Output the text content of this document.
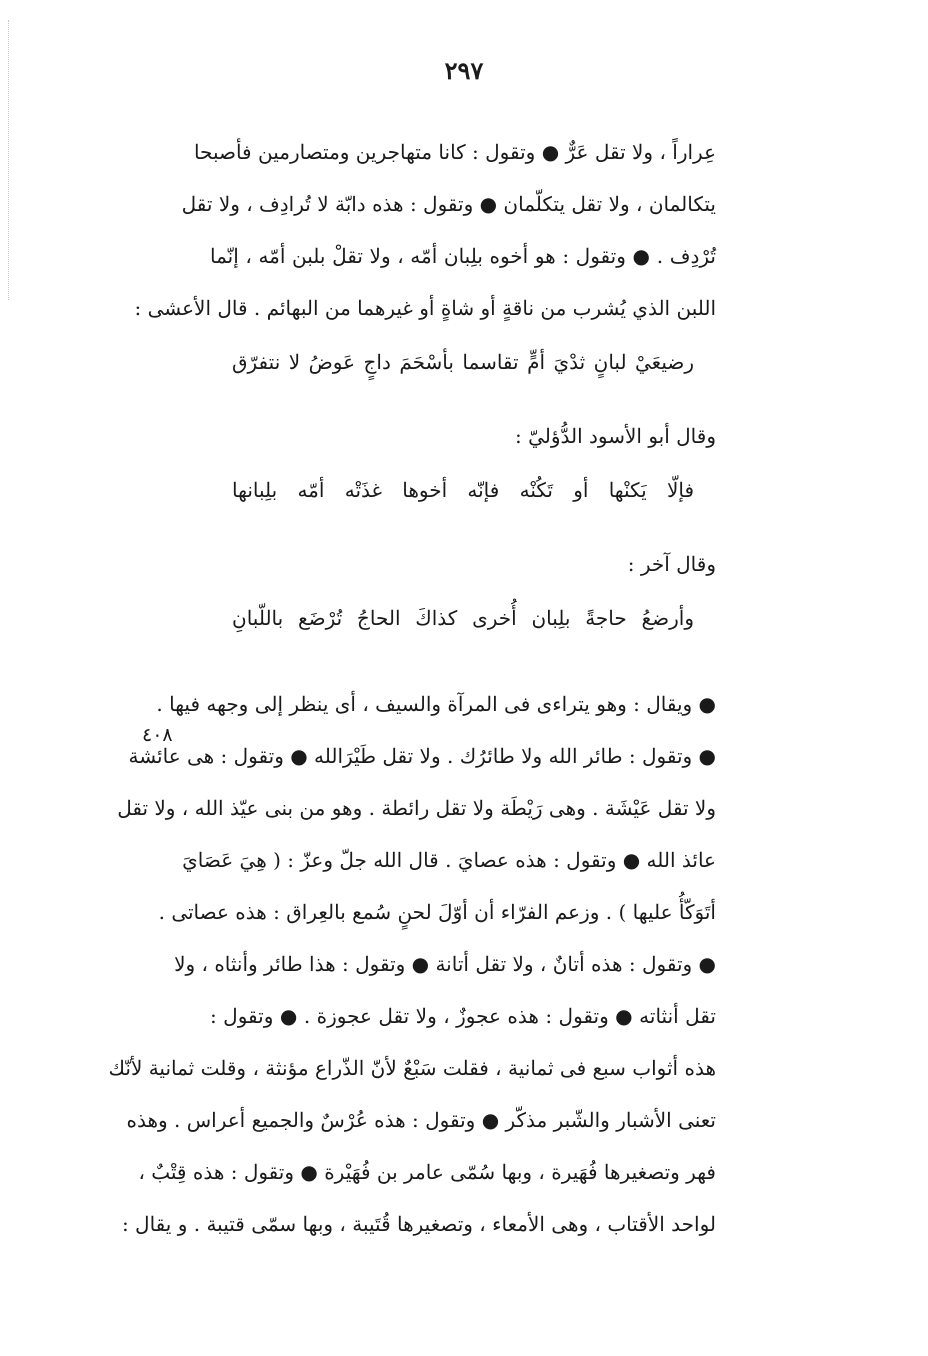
٢٩٧
٤٠٨
عِراراً ، ولا تقل عَرٌّ ● وتقول : كانا متهاجرين ومتصارمين فأصبحا
يتكالمان ، ولا تقل يتكلّمان ● وتقول : هذه دابّة لا تُرادِف ، ولا تقل
تُرْدِف . ● وتقول : هو أخوه بلِبان أمّه ، ولا تقلْ بلبن أمّه ، إنّما
اللبن الذي يُشرب من ناقةٍ أو شاةٍ أو غيرهما من البهائم . قال الأعشى :
رضيعَيْ لبانٍ ثدْيَ أمٍّ تقاسما بأسْحَمَ داجٍ عَوضُ لا نتفرّق
وقال أبو الأسود الدُّؤليّ :
فإلّا يَكنْها أو تَكُنْه فإنّه أخوها غذَتْه أمّه بلِبانها
وقال آخر :
وأرضعُ حاجةً بلِبان أُخرى كذاكَ الحاجُ تُرْضَع باللّبانِ
● ويقال : وهو يتراءى فى المرآة والسيف ، أى ينظر إلى وجهه فيها .
● وتقول : طائر الله ولا طائرُك . ولا تقل طَيْرَالله ● وتقول : هى عائشة
ولا تقل عَيْشَة . وهى رَيْطَة ولا تقل رائطة . وهو من بنى عيّذ الله ، ولا تقل
عائذ الله ● وتقول : هذه عصايَ . قال الله جلّ وعزّ : ( هِيَ عَصَايَ
أتَوَكّأُ عليها ) . وزعم الفرّاء أن أوّلَ لحنٍ سُمع بالعِراق : هذه عصاتى .
● وتقول : هذه أتانٌ ، ولا تقل أتانة ● وتقول : هذا طائر وأنثاه ، ولا
تقل أنثاته ● وتقول : هذه عجوزٌ ، ولا تقل عجوزة . ● وتقول :
هذه أثواب سبع فى ثمانية ، فقلت سَبْعٌ لأنّ الذّراع مؤنثة ، وقلت ثمانية لأنّك
تعنى الأشبار والشّبر مذكّر ● وتقول : هذه عُرْسٌ والجميع أعراس . وهذه
فهر وتصغيرها فُهَيرة ، وبها سُمّى عامر بن فُهَيْرة ● وتقول : هذه قِتْبٌ ،
لواحد الأقتاب ، وهى الأمعاء ، وتصغيرها قُتَيبة ، وبها سمّى قتيبة . و يقال :
